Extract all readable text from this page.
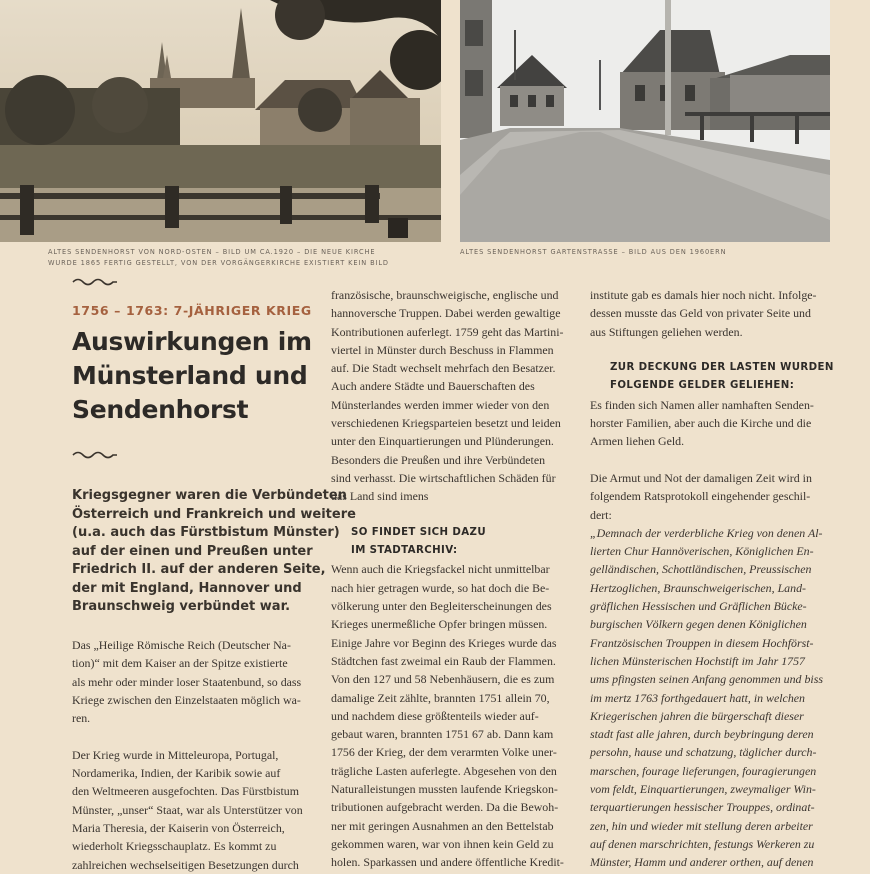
ALTES SENDENHORST VON NORD-OSTEN – BILD UM CA.1920 – DIE NEUE KIRCHE
WURDE 1865 FERTIG GESTELLT, VON DER VORGÄNGERKIRCHE EXISTIERT KEIN BILD
ALTES SENDENHORST GARTENSTRASSE – BILD AUS DEN 1960ERN
1756 – 1763: 7-JÄHRIGER KRIEG
Auswirkungen im
Münsterland und
Sendenhorst
Kriegsgegner waren die Verbündeten
Österreich und Frankreich und weitere
(u.a. auch das Fürstbistum Münster)
auf der einen und Preußen unter
Friedrich II. auf der anderen Seite,
der mit England, Hannover und
Braunschweig verbündet war.
Das „Heilige Römische Reich (Deutscher Na-
tion)“ mit dem Kaiser an der Spitze existierte
als mehr oder minder loser Staatenbund, so dass
Kriege zwischen den Einzelstaaten möglich wa-
ren.
Der Krieg wurde in Mitteleuropa, Portugal,
Nordamerika, Indien, der Karibik sowie auf
den Weltmeeren ausgefochten. Das Fürstbistum
Münster, „unser“ Staat, war als Unterstützer von
Maria Theresia, der Kaiserin von Österreich,
wiederholt Kriegsschauplatz. Es kommt zu
zahlreichen wechselseitigen Besetzungen durch
französische, braunschweigische, englische und
hannoversche Truppen. Dabei werden gewaltige
Kontributionen auferlegt. 1759 geht das Martini-
viertel in Münster durch Beschuss in Flammen
auf. Die Stadt wechselt mehrfach den Besatzer.
Auch andere Städte und Bauerschaften des
Münsterlandes werden immer wieder von den
verschiedenen Kriegsparteien besetzt und leiden
unter den Einquartierungen und Plünderungen.
Besonders die Preußen und ihre Verbündeten
sind verhasst. Die wirtschaftlichen Schäden für
das Land sind imens
SO FINDET SICH DAZU
IM STADTARCHIV:
Wenn auch die Kriegsfackel nicht unmittelbar
nach hier getragen wurde, so hat doch die Be-
völkerung unter den Begleiterscheinungen des
Krieges unermeßliche Opfer bringen müssen.
Einige Jahre vor Beginn des Krieges wurde das
Städtchen fast zweimal ein Raub der Flammen.
Von den 127 und 58 Nebenhäusern, die es zum
damalige Zeit zählte, brannten 1751 allein 70,
und nachdem diese größtenteils wieder auf-
gebaut waren, brannten 1751 67 ab. Dann kam
1756 der Krieg, der dem verarmten Volke uner-
trägliche Lasten auferlegte. Abgesehen von den
Naturalleistungen mussten laufende Kriegskon-
tributionen aufgebracht werden. Da die Bewoh-
ner mit geringen Ausnahmen an den Bettelstab
gekommen waren, war von ihnen kein Geld zu
holen. Sparkassen und andere öffentliche Kredit-
institute gab es damals hier noch nicht. Infolge-
dessen musste das Geld von privater Seite und
aus Stiftungen geliehen werden.
ZUR DECKUNG DER LASTEN WURDEN
FOLGENDE GELDER GELIEHEN:
Es finden sich Namen aller namhaften Senden-
horster Familien, aber auch die Kirche und die
Armen liehen Geld.
Die Armut und Not der damaligen Zeit wird in
folgendem Ratsprotokoll eingehender geschil-
dert:
„Demnach der verderbliche Krieg von denen Al-
lierten Chur Hannöverischen, Königlichen En-
gelländischen, Schottländischen, Preussischen
Hertzoglichen, Braunschweigerischen, Land-
gräflichen Hessischen und Gräflichen Bücke-
burgischen Völkern gegen denen Königlichen
Frantzösischen Trouppen in diesem Hochförst-
lichen Münsterischen Hochstift im Jahr 1757
ums pfingsten seinen Anfang genommen und biss
im mertz 1763 forthgedauert hatt, in welchen
Kriegerischen jahren die bürgerschaft dieser
stadt fast alle jahren, durch beybringung deren
persohn, hause und schatzung, täglicher durch-
marschen, fourage lieferungen, fouragierungen
vom feldt, Einquartierungen, zweymaliger Win-
terquartierungen hessischer Trouppes, ordinat-
zen, hin und wieder mit stellung deren arbeiter
auf denen marschrichten, festungs Werkeren zu
Münster, Hamm und anderer orthen, auf denen
